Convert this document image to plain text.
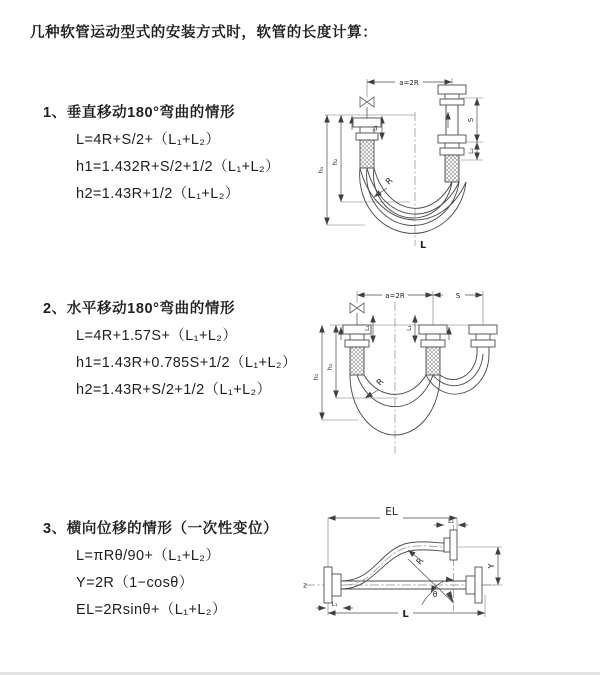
几种软管运动型式的安装方式时，软管的长度计算：
1、垂直移动180°弯曲的情形
L=4R+S/2+（L₁+L₂）
h1=1.432R+S/2+1/2（L₁+L₂）
h2=1.43R+1/2（L₁+L₂）
2、水平移动180°弯曲的情形
L=4R+1.57S+（L₁+L₂）
h1=1.43R+0.785S+1/2（L₁+L₂）
h2=1.43R+S/2+1/2（L₁+L₂）
3、横向位移的情形（一次性变位）
L=πRθ/90+（L₁+L₂）
Y=2R（1−cosθ）
EL=2Rsinθ+（L₁+L₂）
a=2R
S
L₂
h₁
h₂
L₁
R
L
a=2R	S
h₁
h₂
L₁	L₁
R
EL
L₂
Y
R
θ
L
L₁
z
